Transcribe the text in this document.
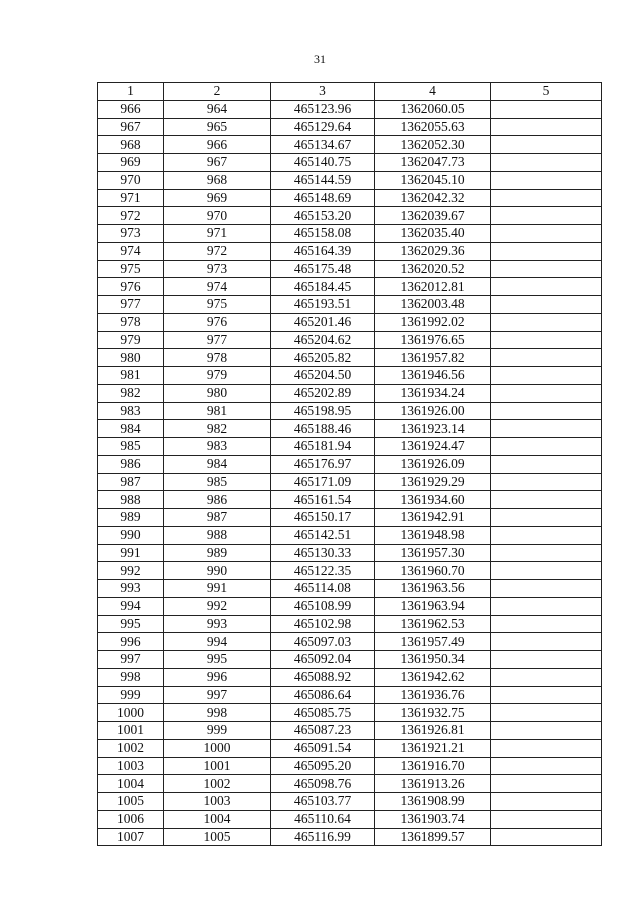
31
1	2	3	4	5
966	964	465123.96	1362060.05	
967	965	465129.64	1362055.63	
968	966	465134.67	1362052.30	
969	967	465140.75	1362047.73	
970	968	465144.59	1362045.10	
971	969	465148.69	1362042.32	
972	970	465153.20	1362039.67	
973	971	465158.08	1362035.40	
974	972	465164.39	1362029.36	
975	973	465175.48	1362020.52	
976	974	465184.45	1362012.81	
977	975	465193.51	1362003.48	
978	976	465201.46	1361992.02	
979	977	465204.62	1361976.65	
980	978	465205.82	1361957.82	
981	979	465204.50	1361946.56	
982	980	465202.89	1361934.24	
983	981	465198.95	1361926.00	
984	982	465188.46	1361923.14	
985	983	465181.94	1361924.47	
986	984	465176.97	1361926.09	
987	985	465171.09	1361929.29	
988	986	465161.54	1361934.60	
989	987	465150.17	1361942.91	
990	988	465142.51	1361948.98	
991	989	465130.33	1361957.30	
992	990	465122.35	1361960.70	
993	991	465114.08	1361963.56	
994	992	465108.99	1361963.94	
995	993	465102.98	1361962.53	
996	994	465097.03	1361957.49	
997	995	465092.04	1361950.34	
998	996	465088.92	1361942.62	
999	997	465086.64	1361936.76	
1000	998	465085.75	1361932.75	
1001	999	465087.23	1361926.81	
1002	1000	465091.54	1361921.21	
1003	1001	465095.20	1361916.70	
1004	1002	465098.76	1361913.26	
1005	1003	465103.77	1361908.99	
1006	1004	465110.64	1361903.74	
1007	1005	465116.99	1361899.57	
